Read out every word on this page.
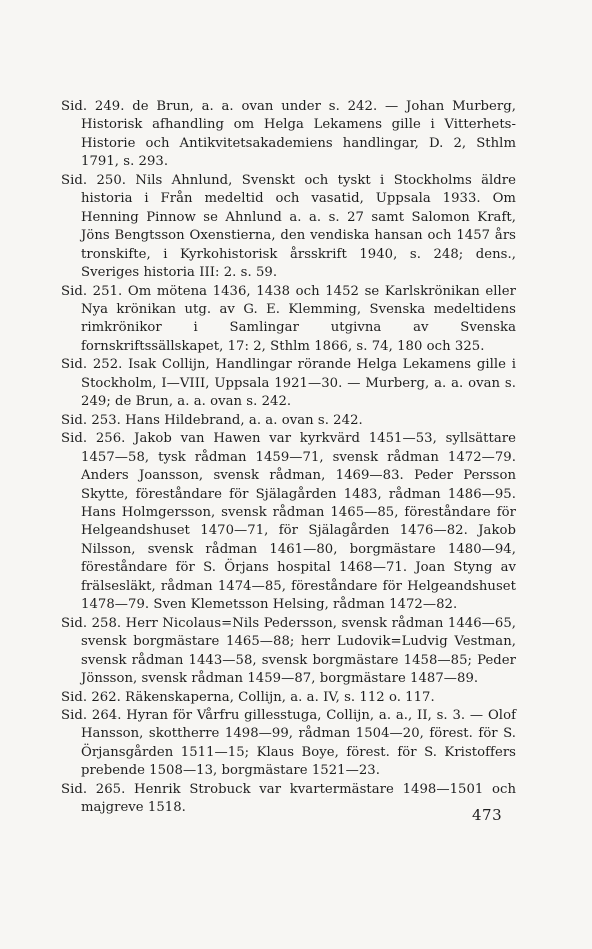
Sid. 249. de Brun, a. a. ovan under s. 242. — Johan Murberg, Historisk afhandling om Helga Lekamens gille i Vitterhets- Historie och Antikvitetsakademiens handlingar, D. 2, Sthlm 1791, s. 293.

Sid. 250. Nils Ahnlund, Svenskt och tyskt i Stockholms äldre historia i Från medeltid och vasatid, Uppsala 1933. Om Henning Pinnow se Ahnlund a. a. s. 27 samt Salomon Kraft, Jöns Bengtsson Oxenstierna, den vendiska hansan och 1457 års tronskifte, i Kyrkohistorisk årsskrift 1940, s. 248; dens., Sveriges historia III: 2. s. 59.

Sid. 251. Om mötena 1436, 1438 och 1452 se Karlskrönikan eller Nya krönikan utg. av G. E. Klemming, Svenska medeltidens rimkrönikor i Samlingar utgivna av Svenska fornskriftssällskapet, 17: 2, Sthlm 1866, s. 74, 180 och 325.

Sid. 252. Isak Collijn, Handlingar rörande Helga Lekamens gille i Stockholm, I—VIII, Uppsala 1921—30. — Murberg, a. a. ovan s. 249; de Brun, a. a. ovan s. 242.

Sid. 253. Hans Hildebrand, a. a. ovan s. 242.

Sid. 256. Jakob van Hawen var kyrkvärd 1451—53, syllsättare 1457—58, tysk rådman 1459—71, svensk rådman 1472—79. Anders Joansson, svensk rådman, 1469—83. Peder Persson Skytte, föreståndare för Själagården 1483, rådman 1486—95. Hans Holmgersson, svensk rådman 1465—85, föreståndare för Helgeandshuset 1470—71, för Själagården 1476—82. Jakob Nilsson, svensk rådman 1461—80, borgmästare 1480—94, föreståndare för S. Örjans hospital 1468—71. Joan Styng av frälsesläkt, rådman 1474—85, föreståndare för Helgeandshuset 1478—79. Sven Klemetsson Helsing, rådman 1472—82.

Sid. 258. Herr Nicolaus=Nils Pedersson, svensk rådman 1446—65, svensk borgmästare 1465—88; herr Ludovik=Ludvig Vestman, svensk rådman 1443—58, svensk borgmästare 1458—85; Peder Jönsson, svensk rådman 1459—87, borgmästare 1487—89.

Sid. 262. Räkenskaperna, Collijn, a. a. IV, s. 112 o. 117.

Sid. 264. Hyran för Vårfru gillesstuga, Collijn, a. a., II, s. 3. — Olof Hansson, skottherre 1498—99, rådman 1504—20, förest. för S. Örjansgården 1511—15; Klaus Boye, förest. för S. Kristoffers prebende 1508—13, borgmästare 1521—23.

Sid. 265. Henrik Strobuck var kvartermästare 1498—1501 och majgreve 1518.	473
